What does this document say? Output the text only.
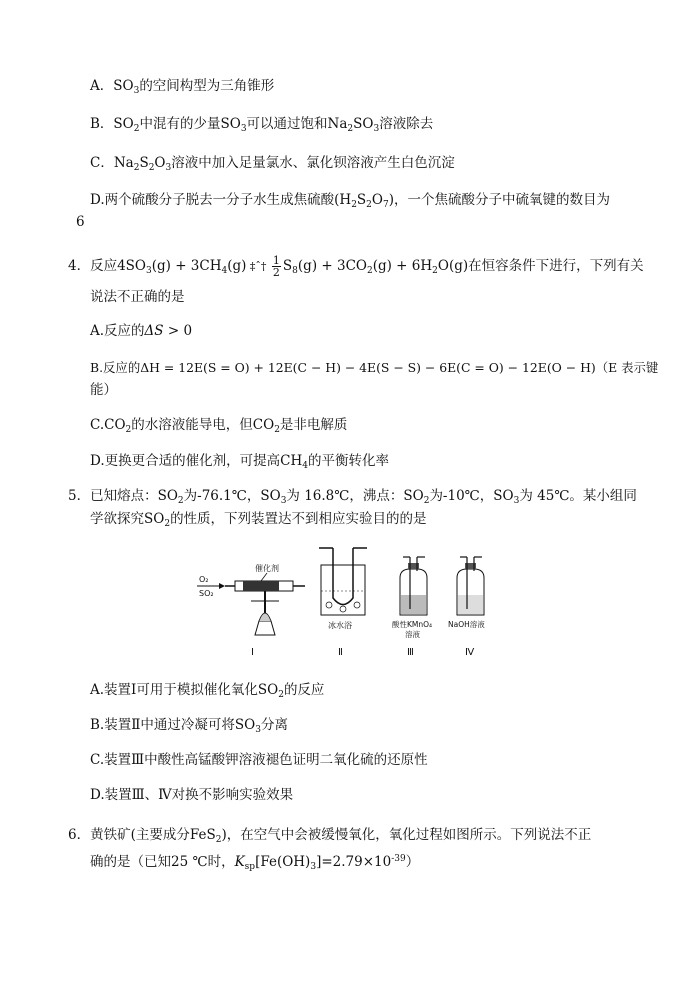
A．$SO_3$的空间构型为三角锥形
B．$SO_2$中混有的少量$SO_3$可以通过饱和$Na_2SO_3$溶液除去
C．$Na_2S_2O_3$溶液中加入足量氯水、氯化钡溶液产生白色沉淀
D.两个硫酸分子脱去一分子水生成焦硫酸$(H_2S_2O_7)$，一个焦硫酸分子中硫氧键的数目为
6
4．反应$4SO_3(g) + 3CH_4(g)$ ‡ˆ† $\frac{1}{2} S_8(g) + 3CO_2(g) + 6H_2O(g)$在恒容条件下进行，下列有关
说法不正确的是
A.反应的ΔS > 0
B.反应的ΔH = 12E(S = O) + 12E(C − H) − 4E(S − S) − 6E(C = O) − 12E(O − H)（E 表示键
能）
$C.CO_2$的水溶液能导电，但$CO_2$是非电解质
D.更换更合适的催化剂，可提高$CH_4$的平衡转化率
5．已知熔点：$SO_2$为-76.1℃，$SO_3$为 16.8℃，沸点：$SO_2$为-10℃，$SO_3$为 45℃。某小组同
学欲探究$SO_2$的性质，下列装置达不到相应实验目的的是
O₂
SO₂
催化剂
Ⅰ
冰水浴
Ⅱ
酸性KMnO₄
溶液
Ⅲ
NaOH溶液
Ⅳ
A.装置Ⅰ可用于模拟催化氧化$SO_2$的反应
B.装置Ⅱ中通过冷凝可将$SO_3$分离
C.装置Ⅲ中酸性高锰酸钾溶液褪色证明二氧化硫的还原性
D.装置Ⅲ、Ⅳ对换不影响实验效果
6．黄铁矿(主要成分FeS$_2$)，在空气中会被缓慢氧化，氧化过程如图所示。下列说法不正
确的是（已知25 ℃时，$K_{sp}[Fe(OH)_3]=2.79\times 10^{-39}$）
